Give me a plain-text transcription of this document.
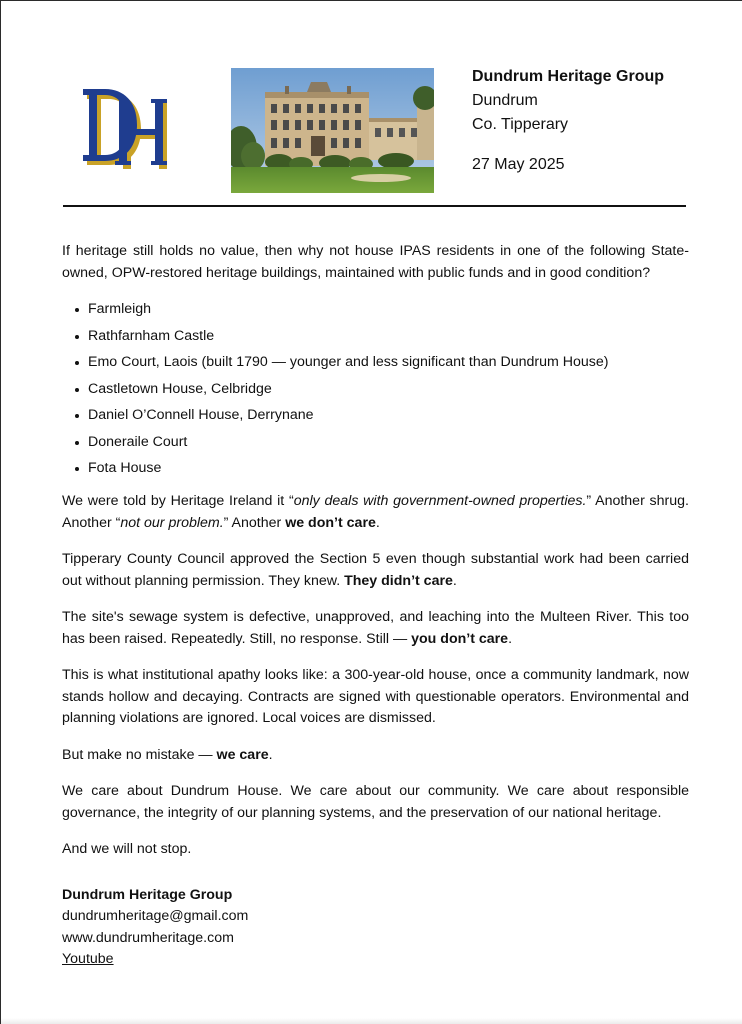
Dundrum Heritage Group
Dundrum
Co. Tipperary
27 May 2025

If heritage still holds no value, then why not house IPAS residents in one of the following State-owned, OPW-restored heritage buildings, maintained with public funds and in good condition?

Farmleigh
Rathfarnham Castle
Emo Court, Laois (built 1790 — younger and less significant than Dundrum House)
Castletown House, Celbridge
Daniel O’Connell House, Derrynane
Doneraile Court
Fota House

We were told by Heritage Ireland it “only deals with government-owned properties.” Another shrug. Another “not our problem.” Another we don’t care.

Tipperary County Council approved the Section 5 even though substantial work had been carried out without planning permission. They knew. They didn’t care.

The site's sewage system is defective, unapproved, and leaching into the Multeen River. This too has been raised. Repeatedly. Still, no response. Still — you don’t care.

This is what institutional apathy looks like: a 300-year-old house, once a community landmark, now stands hollow and decaying. Contracts are signed with questionable operators. Environmental and planning violations are ignored. Local voices are dismissed.

But make no mistake — we care.

We care about Dundrum House. We care about our community. We care about responsible governance, the integrity of our planning systems, and the preservation of our national heritage.

And we will not stop.

Dundrum Heritage Group
dundrumheritage@gmail.com
www.dundrumheritage.com
Youtube
